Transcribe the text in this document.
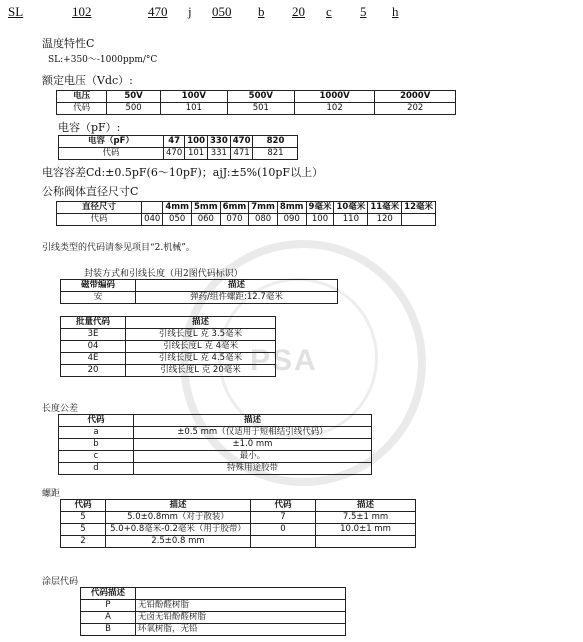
PSA
SL	102	470 j 050 b 20 c 5 h
温度特性C
SL:+350～-1000ppm/°C
额定电压（Vdc）:
电压	50V	100V	500V	1000V	2000V
代码	500	101	501	102	202
电容（pF）:
电容（pF）	47	100	330	470	820
代码	470	101	331	471	821
电容容差Cd:±0.5pF(6～10pF)；ajJ:±5%(10pF以上）
公称阀体直径尺寸C
直径尺寸		4mm	5mm	6mm	7mm	8mm	9毫米	10毫米	11毫米	12毫米
代码	040	050	060	070	080	090	100	110	120	
引线类型的代码请参见项目“2.机械”。
封装方式和引线长度（用2图代码标识）
磁带编码	描述
安	弹药/组件螺距:12.7毫米
批量代码	描述
3E	引线长度L 克 3.5毫米
04	引线长度L 克 4毫米
4E	引线长度L 克 4.5毫米
20	引线长度L 克 20毫米
长度公差
代码	描述
a	±0.5 mm（仅适用于短相结引线代码）
b	±1.0 mm
c	最小。
d	特殊用途胶带
螺距
代码	描述	代码	描述
5	5.0±0.8mm（对于散装）	7	7.5±1 mm
5	5.0+0.8毫米-0.2毫米（用于胶带）	0	10.0±1 mm
2	2.5±0.8 mm		
涂层代码
代码描述	
P	无铅酚醛树脂
A	无卤无铅酚醛树脂
B	环氧树脂，无铅
